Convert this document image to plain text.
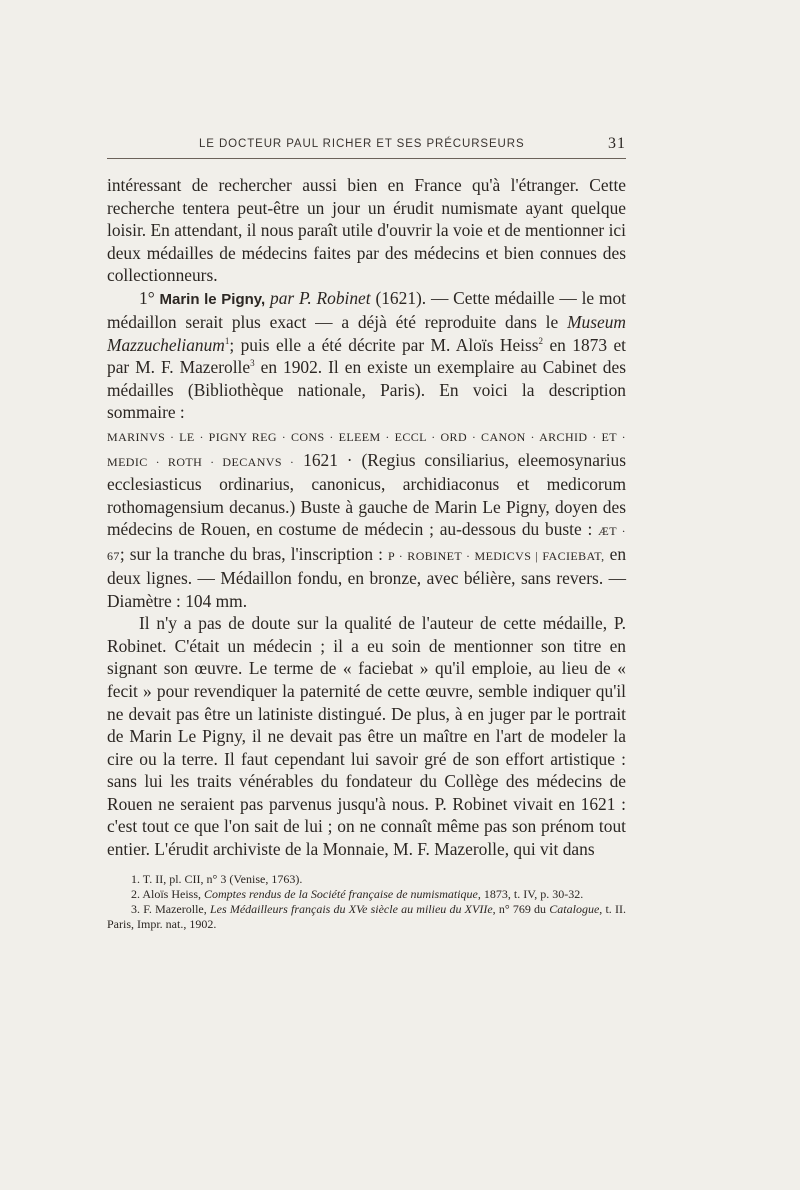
LE DOCTEUR PAUL RICHER ET SES PRÉCURSEURS	31

intéressant de rechercher aussi bien en France qu'à l'étranger. Cette recherche tentera peut-être un jour un érudit numismate ayant quelque loisir. En attendant, il nous paraît utile d'ouvrir la voie et de mentionner ici deux médailles de médecins faites par des médecins et bien connues des collectionneurs.

1° Marin le Pigny, par P. Robinet (1621). — Cette médaille — le mot médaillon serait plus exact — a déjà été reproduite dans le Museum Mazzuchelianum$^1$; puis elle a été décrite par M. Aloïs Heiss$^2$ en 1873 et par M. F. Mazerolle$^3$ en 1902. Il en existe un exemplaire au Cabinet des médailles (Bibliothèque nationale, Paris). En voici la description sommaire :

MARINVS · LE · PIGNY REG · CONS · ELEEM · ECCL · ORD · CANON · ARCHID · ET ·

MEDIC · ROTH · DECANVS · 1621 · (Regius consiliarius, eleemosynarius ecclesiasticus ordinarius, canonicus, archidiaconus et medicorum rothomagensium decanus.) Buste à gauche de Marin Le Pigny, doyen des médecins de Rouen, en costume de médecin ; au-dessous du buste : ÆT · 67; sur la tranche du bras, l'inscription : P · ROBINET · MEDICVS | FACIEBAT, en deux lignes. — Médaillon fondu, en bronze, avec bélière, sans revers. — Diamètre : 104 mm.

Il n'y a pas de doute sur la qualité de l'auteur de cette médaille, P. Robinet. C'était un médecin ; il a eu soin de mentionner son titre en signant son œuvre. Le terme de « faciebat » qu'il emploie, au lieu de « fecit » pour revendiquer la paternité de cette œuvre, semble indiquer qu'il ne devait pas être un latiniste distingué. De plus, à en juger par le portrait de Marin Le Pigny, il ne devait pas être un maître en l'art de modeler la cire ou la terre. Il faut cependant lui savoir gré de son effort artistique : sans lui les traits vénérables du fondateur du Collège des médecins de Rouen ne seraient pas parvenus jusqu'à nous. P. Robinet vivait en 1621 : c'est tout ce que l'on sait de lui ; on ne connaît même pas son prénom tout entier. L'érudit archiviste de la Monnaie, M. F. Mazerolle, qui vit dans

1. T. II, pl. CII, n° 3 (Venise, 1763).

2. Aloïs Heiss, Comptes rendus de la Société française de numismatique, 1873, t. IV, p. 30-32.

3. F. Mazerolle, Les Médailleurs français du XVe siècle au milieu du XVIIe, n° 769 du Catalogue, t. II. Paris, Impr. nat., 1902.
